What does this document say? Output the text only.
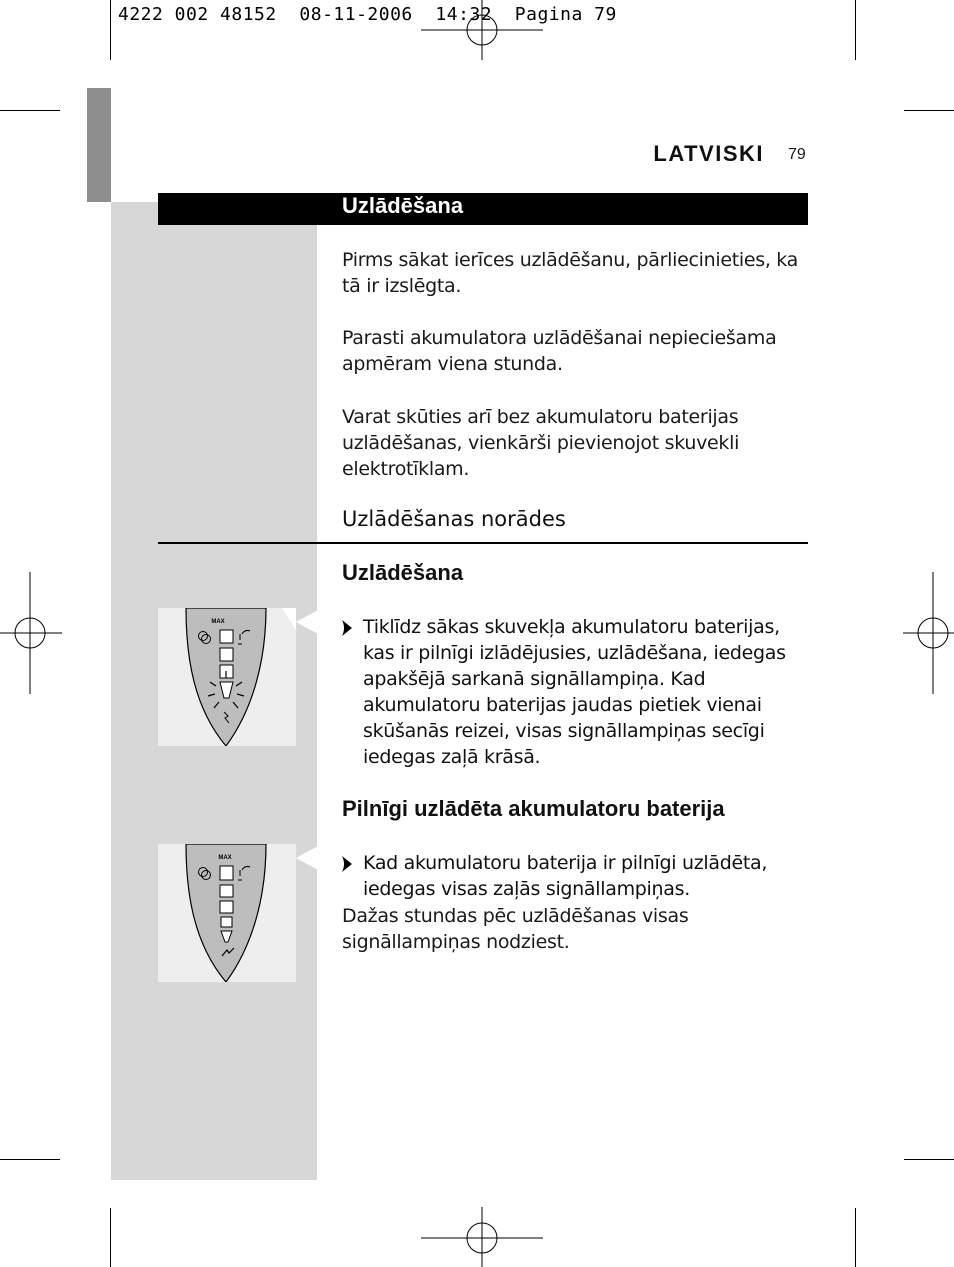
4222 002 48152  08-11-2006  14:32  Pagina 79
LATVISKI 79
Uzlādēšana
Pirms sākat ierīces uzlādēšanu, pārliecinieties, ka tā ir izslēgta.
Parasti akumulatora uzlādēšanai nepieciešama apmēram viena stunda.
Varat skūties arī bez akumulatoru baterijas uzlādēšanas, vienkārši pievienojot skuvekli elektrotīklam.
Uzlādēšanas norādes
Uzlādēšana
MAX	Tiklīdz sākas skuvekļa akumulatoru baterijas, kas ir pilnīgi izlādējusies, uzlādēšana, iedegas apakšējā sarkanā signāllampiņa. Kad akumulatoru baterijas jaudas pietiek vienai skūšanās reizei, visas signāllampiņas secīgi iedegas zaļā krāsā.
Pilnīgi uzlādēta akumulatoru baterija
MAX	Kad akumulatoru baterija ir pilnīgi uzlādēta, iedegas visas zaļās signāllampiņas.
Dažas stundas pēc uzlādēšanas visas signāllampiņas nodziest.
